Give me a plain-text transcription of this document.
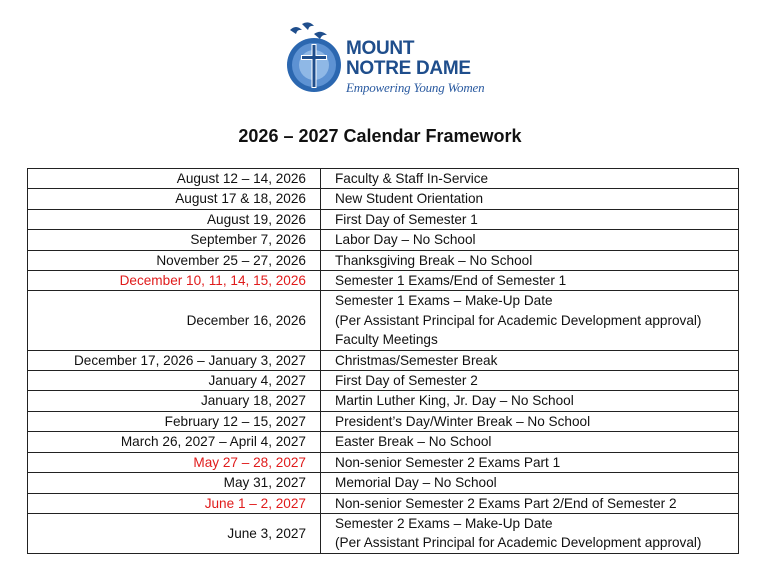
MOUNT
NOTRE DAME
Empowering Young Women
2026 – 2027 Calendar Framework
August 12 – 14, 2026	Faculty & Staff In-Service

August 17 & 18, 2026	New Student Orientation

August 19, 2026	First Day of Semester 1

September 7, 2026	Labor Day – No School

November 25 – 27, 2026	Thanksgiving Break – No School

December 10, 11, 14, 15, 2026	Semester 1 Exams/End of Semester 1

December 16, 2026	Semester 1 Exams – Make-Up Date
(Per Assistant Principal for Academic Development approval)
Faculty Meetings

December 17, 2026 – January 3, 2027	Christmas/Semester Break

January 4, 2027	First Day of Semester 2

January 18, 2027	Martin Luther King, Jr. Day – No School

February 12 – 15, 2027	President’s Day/Winter Break – No School

March 26, 2027 – April 4, 2027	Easter Break – No School

May 27 – 28, 2027	Non-senior Semester 2 Exams Part 1

May 31, 2027	Memorial Day – No School

June 1 – 2, 2027	Non-senior Semester 2 Exams Part 2/End of Semester 2

June 3, 2027	Semester 2 Exams – Make-Up Date
(Per Assistant Principal for Academic Development approval)
